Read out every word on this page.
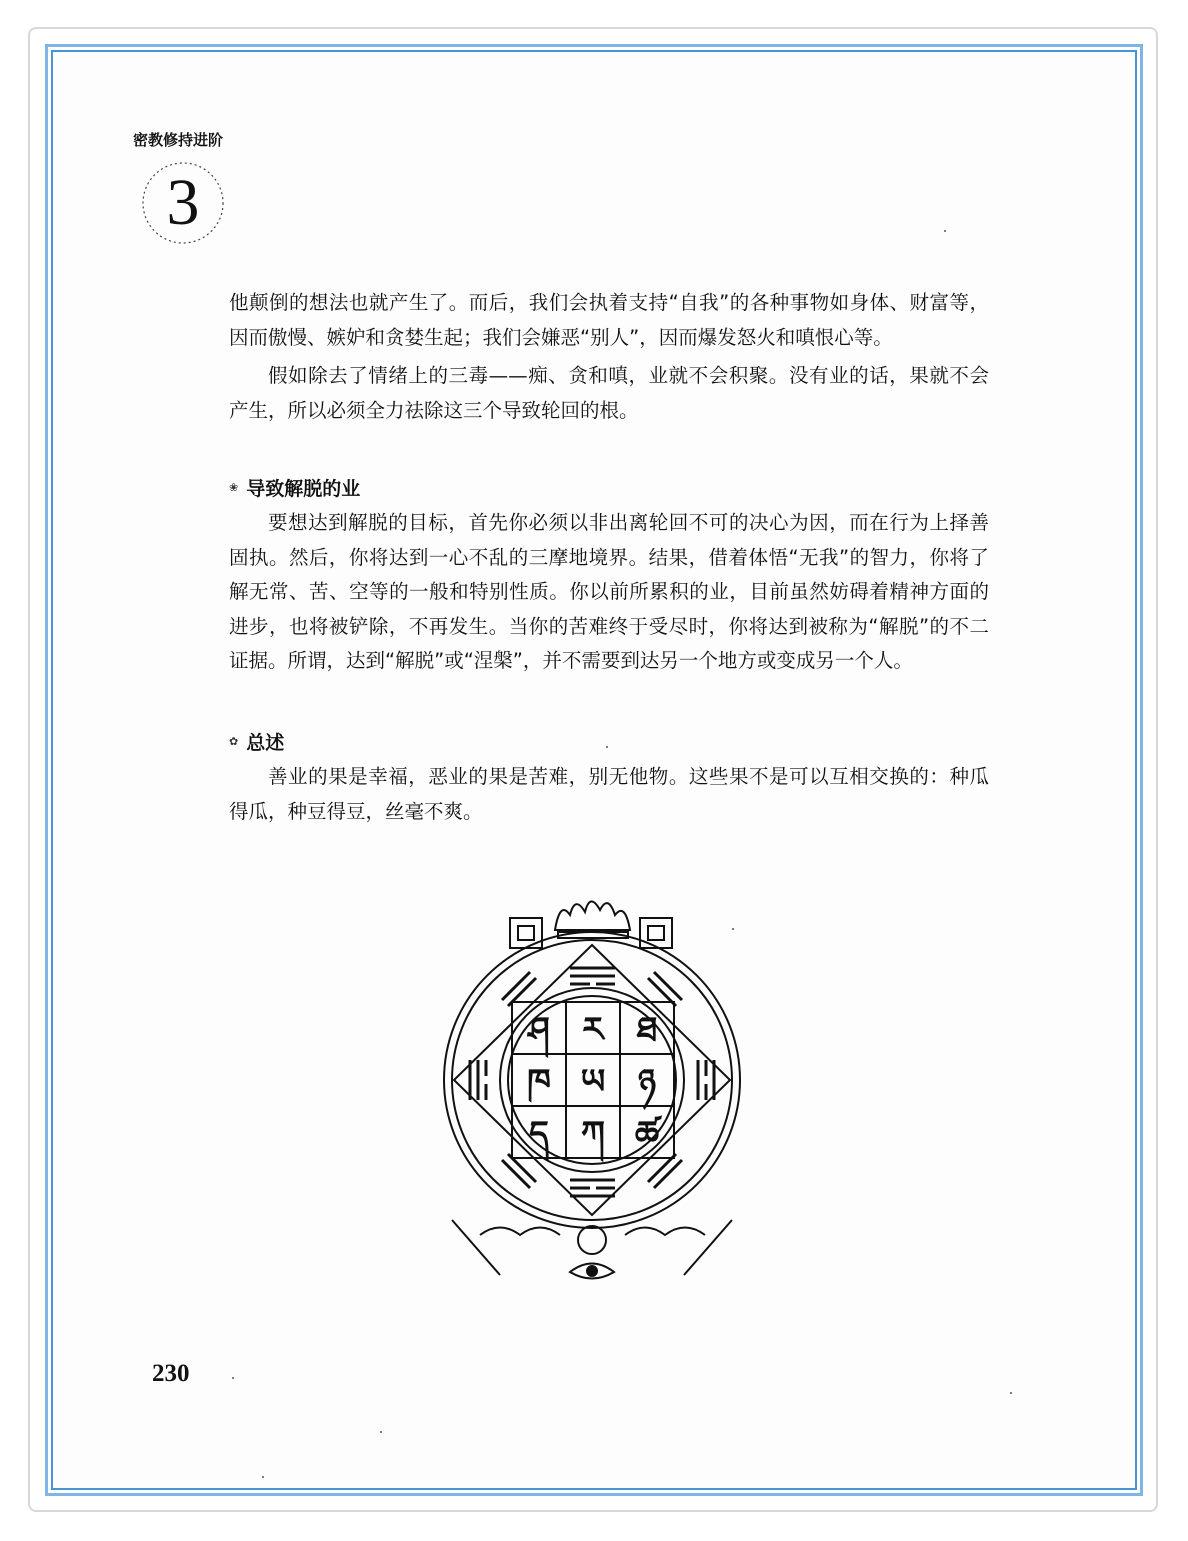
密教修持进阶
3

他颠倒的想法也就产生了。而后，我们会执着支持“自我”的各种事物如身体、财富等，因而傲慢、嫉妒和贪婪生起；我们会嫌恶“别人”，因而爆发怒火和嗔恨心等。

假如除去了情绪上的三毒——痴、贪和嗔，业就不会积聚。没有业的话，果就不会产生，所以必须全力祛除这三个导致轮回的根。

❀ 导致解脱的业

要想达到解脱的目标，首先你必须以非出离轮回不可的决心为因，而在行为上择善固执。然后，你将达到一心不乱的三摩地境界。结果，借着体悟“无我”的智力，你将了解无常、苦、空等的一般和特别性质。你以前所累积的业，目前虽然妨碍着精神方面的进步，也将被铲除，不再发生。当你的苦难终于受尽时，你将达到被称为“解脱”的不二证据。所谓，达到“解脱”或“涅槃”，并不需要到达另一个地方或变成另一个人。

✿ 总述

善业的果是幸福，恶业的果是苦难，别无他物。这些果不是可以互相交换的：种瓜得瓜，种豆得豆，丝毫不爽。

ཤ ར ཐ
ཁ ཡ ཉ
ད ཀ ཚ
230
